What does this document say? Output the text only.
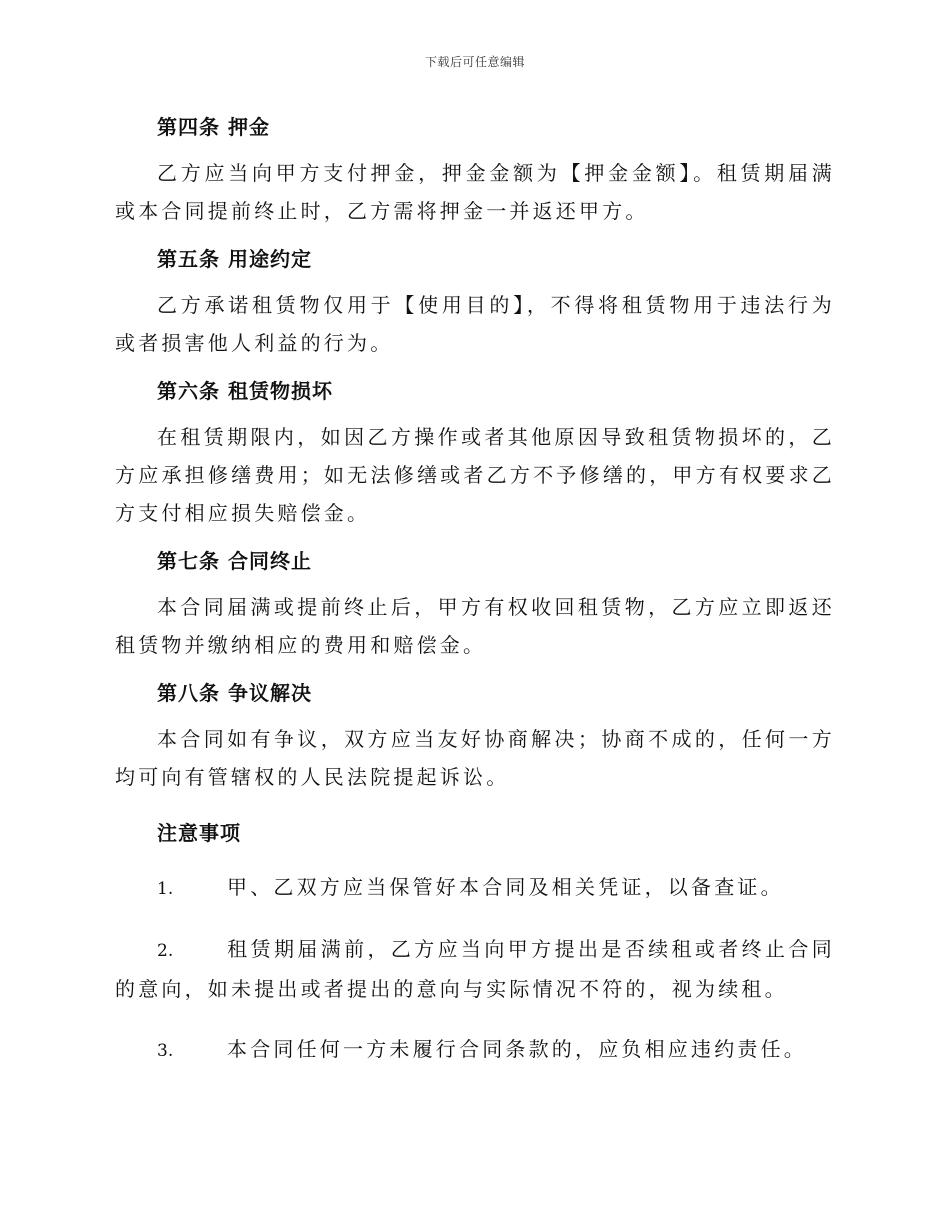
下载后可任意编辑
第四条 押金
乙方应当向甲方支付押金，押金金额为【押金金额】。租赁期届满或本合同提前终止时，乙方需将押金一并返还甲方。
第五条 用途约定
乙方承诺租赁物仅用于【使用目的】，不得将租赁物用于违法行为或者损害他人利益的行为。
第六条 租赁物损坏
在租赁期限内，如因乙方操作或者其他原因导致租赁物损坏的，乙方应承担修缮费用；如无法修缮或者乙方不予修缮的，甲方有权要求乙方支付相应损失赔偿金。
第七条 合同终止
本合同届满或提前终止后，甲方有权收回租赁物，乙方应立即返还租赁物并缴纳相应的费用和赔偿金。
第八条 争议解决
本合同如有争议，双方应当友好协商解决；协商不成的，任何一方均可向有管辖权的人民法院提起诉讼。
注意事项
1.	甲、乙双方应当保管好本合同及相关凭证，以备查证。
2.	租赁期届满前，乙方应当向甲方提出是否续租或者终止合同的意向，如未提出或者提出的意向与实际情况不符的，视为续租。
3.	本合同任何一方未履行合同条款的，应负相应违约责任。
